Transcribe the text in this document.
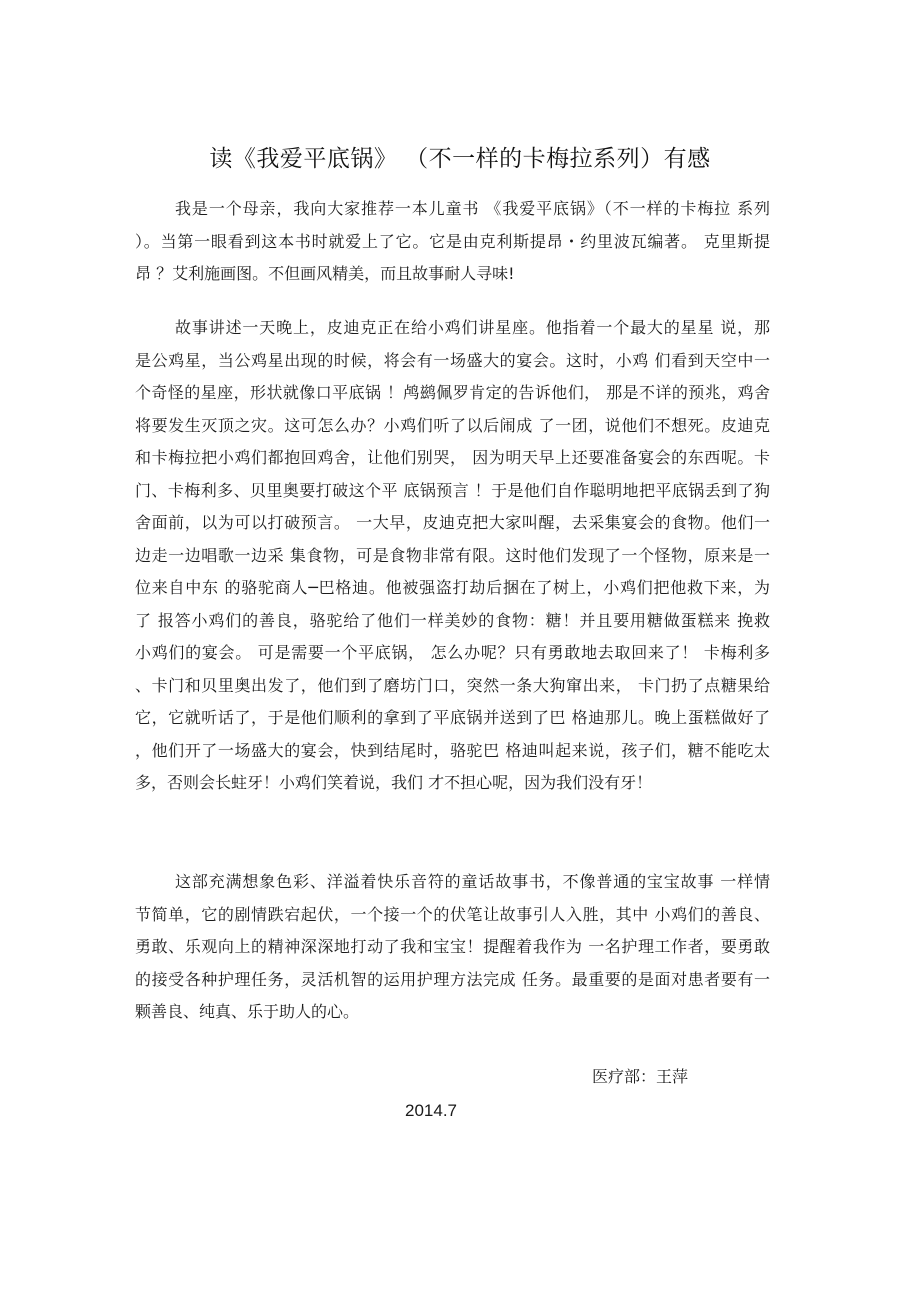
读《我爱平底锅》 （不一样的卡梅拉系列）有感
我是一个母亲，我向大家推荐一本儿童书 《我爱平底锅》（不一样的卡梅拉 系列
）。当第一眼看到这本书时就爱上了它。它是由克利斯提昂・约里波瓦编著。 克里斯提
昂 ？艾利施画图。不但画风精美，而且故事耐人寻味!
故事讲述一天晚上，皮迪克正在给小鸡们讲星座。他指着一个最大的星星 说，那
是公鸡星，当公鸡星出现的时候，将会有一场盛大的宴会。这时，小鸡 们看到天空中一
个奇怪的星座，形状就像口平底锅 ！鸬鹚佩罗肯定的告诉他们， 那是不详的预兆，鸡舍
将要发生灭顶之灾。这可怎么办？小鸡们听了以后闹成 了一团，说他们不想死。皮迪克
和卡梅拉把小鸡们都抱回鸡舍，让他们别哭， 因为明天早上还要准备宴会的东西呢。卡
门、卡梅利多、贝里奥要打破这个平 底锅预言 ！于是他们自作聪明地把平底锅丢到了狗
舍面前，以为可以打破预言。 一大早，皮迪克把大家叫醒，去采集宴会的食物。他们一
边走一边唱歌一边采 集食物，可是食物非常有限。这时他们发现了一个怪物，原来是一
位来自中东 的骆驼商人─巴格迪。他被强盗打劫后捆在了树上，小鸡们把他救下来，为
了 报答小鸡们的善良，骆驼给了他们一样美妙的食物：糖！并且要用糖做蛋糕来 挽救
小鸡们的宴会。 可是需要一个平底锅， 怎么办呢？只有勇敢地去取回来了！ 卡梅利多
、卡门和贝里奥出发了，他们到了磨坊门口，突然一条大狗窜出来， 卡门扔了点糖果给
它，它就听话了，于是他们顺利的拿到了平底锅并送到了巴 格迪那儿。晚上蛋糕做好了
，他们开了一场盛大的宴会，快到结尾时，骆驼巴 格迪叫起来说，孩子们，糖不能吃太
多，否则会长蛀牙！小鸡们笑着说，我们 才不担心呢，因为我们没有牙！
这部充满想象色彩、洋溢着快乐音符的童话故事书，不像普通的宝宝故事 一样情
节简单，它的剧情跌宕起伏，一个接一个的伏笔让故事引人入胜，其中 小鸡们的善良、
勇敢、乐观向上的精神深深地打动了我和宝宝！提醒着我作为 一名护理工作者，要勇敢
的接受各种护理任务，灵活机智的运用护理方法完成 任务。最重要的是面对患者要有一
颗善良、纯真、乐于助人的心。
医疗部：王萍
2014.7
